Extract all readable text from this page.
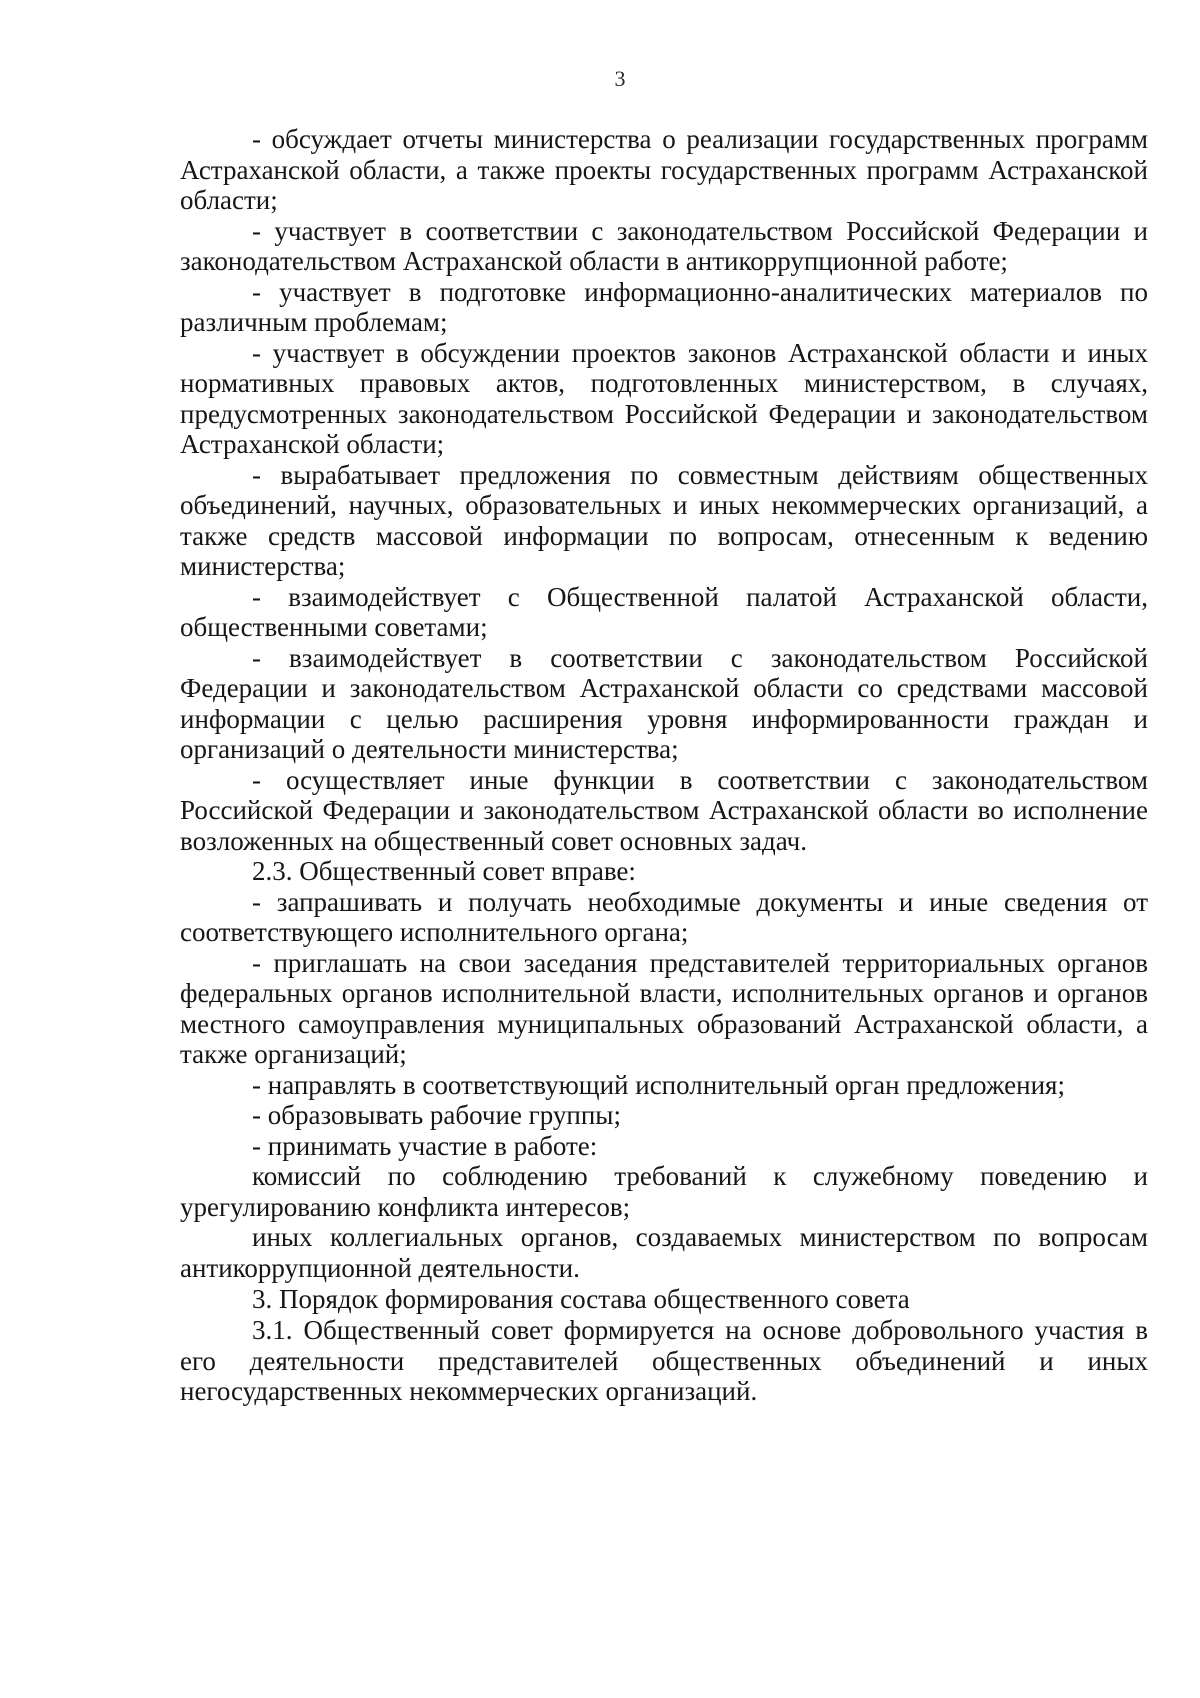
3

- обсуждает отчеты министерства о реализации государственных программ Астраханской области, а также проекты государственных программ Астраханской области;

- участвует в соответствии с законодательством Российской Федерации и законодательством Астраханской области в антикоррупционной работе;

- участвует в подготовке информационно-аналитических материалов по различным проблемам;

- участвует в обсуждении проектов законов Астраханской области и иных нормативных правовых актов, подготовленных министерством, в случаях, предусмотренных законодательством Российской Федерации и законодательством Астраханской области;

- вырабатывает предложения по совместным действиям общественных объединений, научных, образовательных и иных некоммерческих организаций, а также средств массовой информации по вопросам, отнесенным к ведению министерства;

- взаимодействует с Общественной палатой Астраханской области, общественными советами;

- взаимодействует в соответствии с законодательством Российской Федерации и законодательством Астраханской области со средствами массовой информации с целью расширения уровня информированности граждан и организаций о деятельности министерства;

- осуществляет иные функции в соответствии с законодательством Российской Федерации и законодательством Астраханской области во исполнение возложенных на общественный совет основных задач.

2.3. Общественный совет вправе:

- запрашивать и получать необходимые документы и иные сведения от соответствующего исполнительного органа;

- приглашать на свои заседания представителей территориальных органов федеральных органов исполнительной власти, исполнительных органов и органов местного самоуправления муниципальных образований Астраханской области, а также организаций;

- направлять в соответствующий исполнительный орган предложения;

- образовывать рабочие группы;

- принимать участие в работе:

комиссий по соблюдению требований к служебному поведению и урегулированию конфликта интересов;

иных коллегиальных органов, создаваемых министерством по вопросам антикоррупционной деятельности.

3. Порядок формирования состава общественного совета

3.1. Общественный совет формируется на основе добровольного участия в его деятельности представителей общественных объединений и иных негосударственных некоммерческих организаций.
